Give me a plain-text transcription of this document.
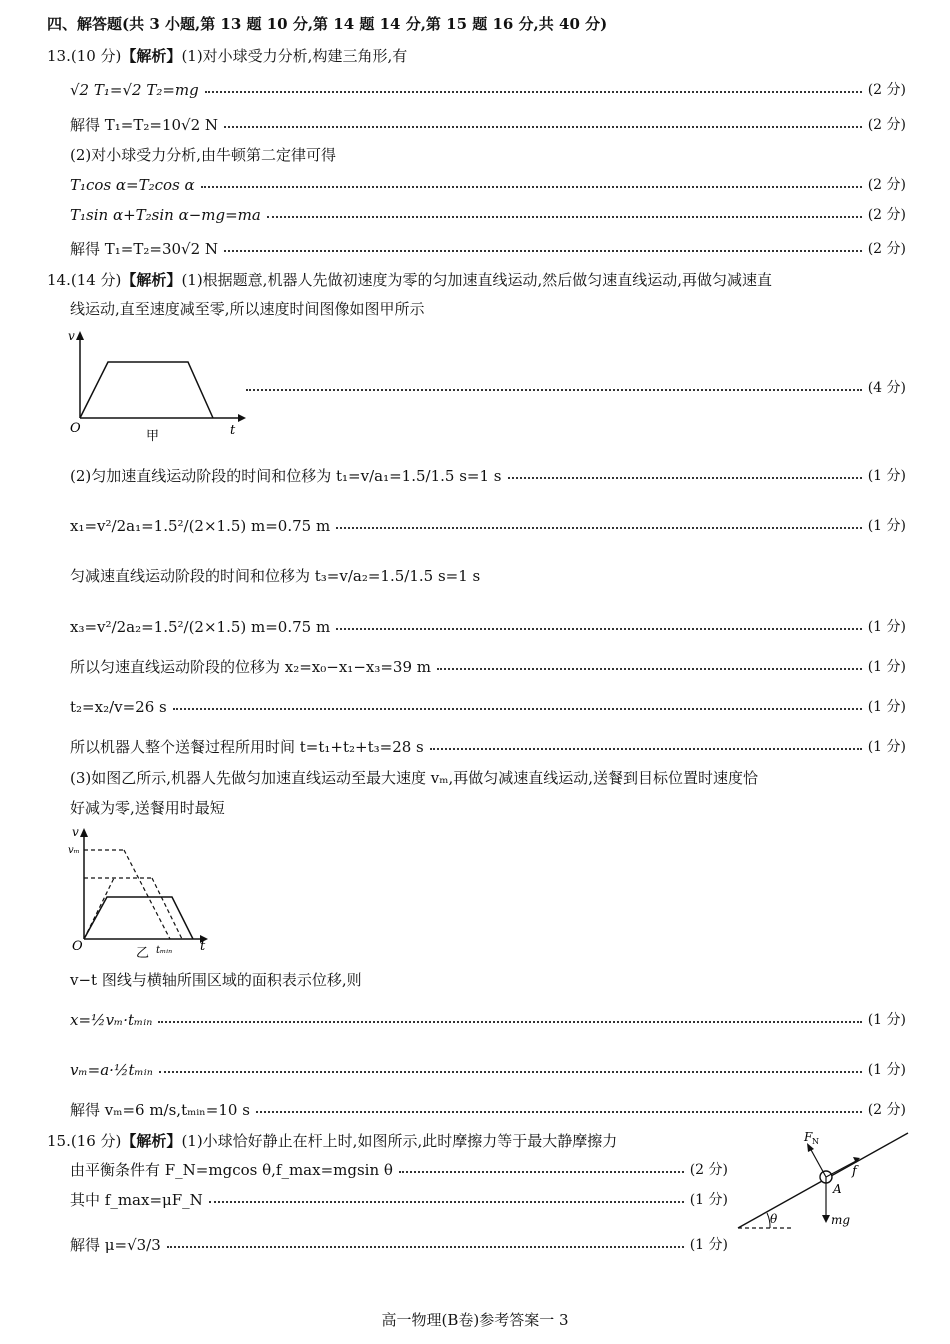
四、解答题(共 3 小题,第 13 题 10 分,第 14 题 14 分,第 15 题 16 分,共 40 分)
13.(10 分)【解析】(1)对小球受力分析,构建三角形,有
√2 T₁=√2 T₂=mg	(2 分)
解得 T₁=T₂=10√2 N	(2 分)
(2)对小球受力分析,由牛顿第二定律可得
T₁cos α=T₂cos α	(2 分)
T₁sin α+T₂sin α−mg=ma	(2 分)
解得 T₁=T₂=30√2 N	(2 分)
14.(14 分)【解析】(1)根据题意,机器人先做初速度为零的匀加速直线运动,然后做匀速直线运动,再做匀减速直
线运动,直至速度减至零,所以速度时间图像如图甲所示
v
O	t
甲
(4 分)
(2)匀加速直线运动阶段的时间和位移为 t₁=v/a₁=1.5/1.5 s=1 s	(1 分)
x₁=v²/2a₁=1.5²/(2×1.5) m=0.75 m	(1 分)
匀减速直线运动阶段的时间和位移为 t₃=v/a₂=1.5/1.5 s=1 s
x₃=v²/2a₂=1.5²/(2×1.5) m=0.75 m	(1 分)
所以匀速直线运动阶段的位移为 x₂=x₀−x₁−x₃=39 m	(1 分)
t₂=x₂/v=26 s	(1 分)
所以机器人整个送餐过程所用时间 t=t₁+t₂+t₃=28 s	(1 分)
(3)如图乙所示,机器人先做匀加速直线运动至最大速度 vₘ,再做匀减速直线运动,送餐到目标位置时速度恰
好减为零,送餐用时最短
v
vₘ
O	t
乙 tₘᵢₙ
v−t 图线与横轴所围区域的面积表示位移,则
x=½vₘ·tₘᵢₙ	(1 分)
vₘ=a·½tₘᵢₙ	(1 分)
解得 vₘ=6 m/s,tₘᵢₙ=10 s	(2 分)
15.(16 分)【解析】(1)小球恰好静止在杆上时,如图所示,此时摩擦力等于最大静摩擦力
由平衡条件有 F_N=mgcos θ,f_max=mgsin θ	(2 分)
其中 f_max=μF_N	(1 分)
解得 μ=√3/3	(1 分)
F N
f
A
mg
θ
高一物理(B卷)参考答案一 3
